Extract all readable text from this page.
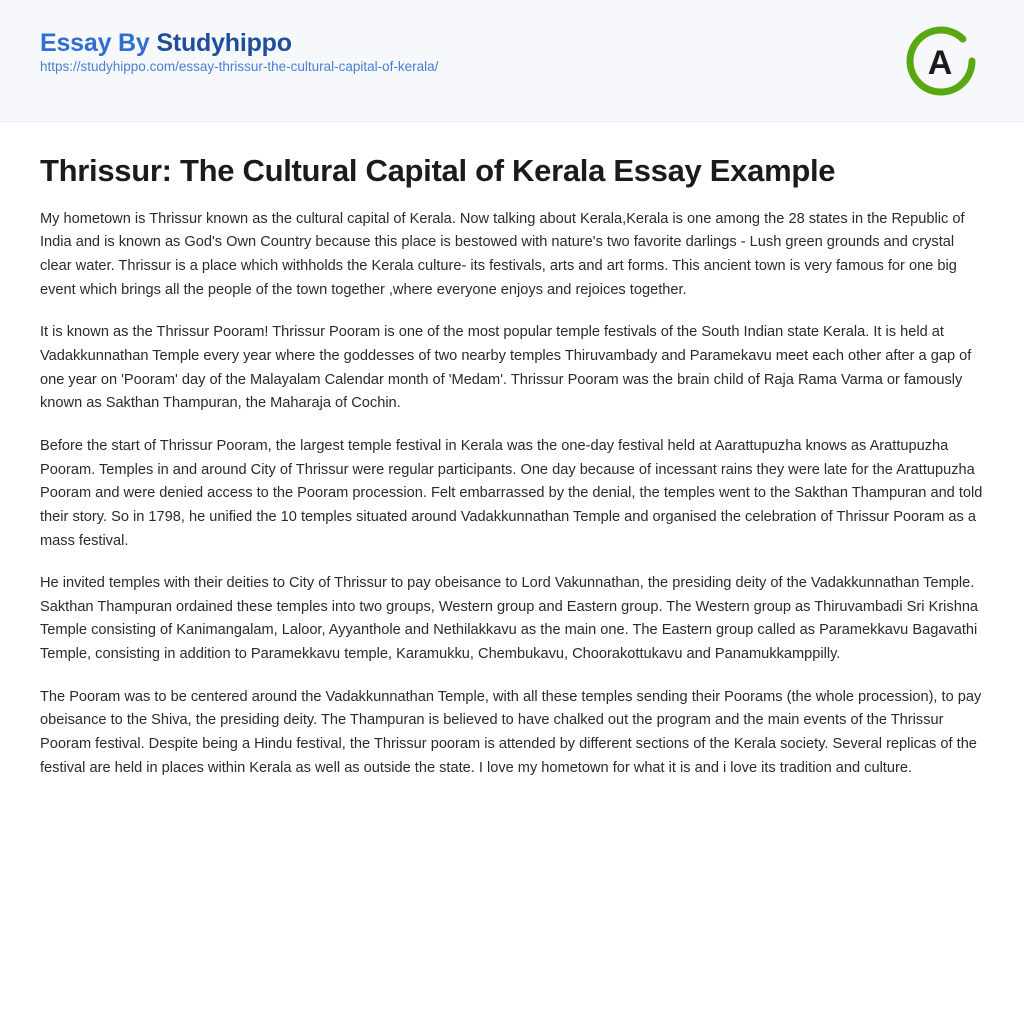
Essay By Studyhippo
https://studyhippo.com/essay-thrissur-the-cultural-capital-of-kerala/	A
Thrissur: The Cultural Capital of Kerala Essay Example

My hometown is Thrissur known as the cultural capital of Kerala. Now talking about Kerala,Kerala is one among the 28 states in the Republic of India and is known as God's Own Country because this place is bestowed with nature's two favorite darlings - Lush green grounds and crystal clear water. Thrissur is a place which withholds the Kerala culture- its festivals, arts and art forms. This ancient town is very famous for one big event which brings all the people of the town together ,where everyone enjoys and rejoices together.

It is known as the Thrissur Pooram! Thrissur Pooram is one of the most popular temple festivals of the South Indian state Kerala. It is held at Vadakkunnathan Temple every year where the goddesses of two nearby temples Thiruvambady and Paramekavu meet each other after a gap of one year on 'Pooram' day of the Malayalam Calendar month of 'Medam'. Thrissur Pooram was the brain child of Raja Rama Varma or famously known as Sakthan Thampuran, the Maharaja of Cochin.

Before the start of Thrissur Pooram, the largest temple festival in Kerala was the one-day festival held at Aarattupuzha knows as Arattupuzha Pooram. Temples in and around City of Thrissur were regular participants. One day because of incessant rains they were late for the Arattupuzha Pooram and were denied access to the Pooram procession. Felt embarrassed by the denial, the temples went to the Sakthan Thampuran and told their story. So in 1798, he unified the 10 temples situated around Vadakkunnathan Temple and organised the celebration of Thrissur Pooram as a mass festival.

He invited temples with their deities to City of Thrissur to pay obeisance to Lord Vakunnathan, the presiding deity of the Vadakkunnathan Temple. Sakthan Thampuran ordained these temples into two groups, Western group and Eastern group. The Western group as Thiruvambadi Sri Krishna Temple consisting of Kanimangalam, Laloor, Ayyanthole and Nethilakkavu as the main one. The Eastern group called as Paramekkavu Bagavathi Temple, consisting in addition to Paramekkavu temple, Karamukku, Chembukavu, Choorakottukavu and Panamukkamppilly.

The Pooram was to be centered around the Vadakkunnathan Temple, with all these temples sending their Poorams (the whole procession), to pay obeisance to the Shiva, the presiding deity. The Thampuran is believed to have chalked out the program and the main events of the Thrissur Pooram festival. Despite being a Hindu festival, the Thrissur pooram is attended by different sections of the Kerala society. Several replicas of the festival are held in places within Kerala as well as outside the state. I love my hometown for what it is and i love its tradition and culture.
